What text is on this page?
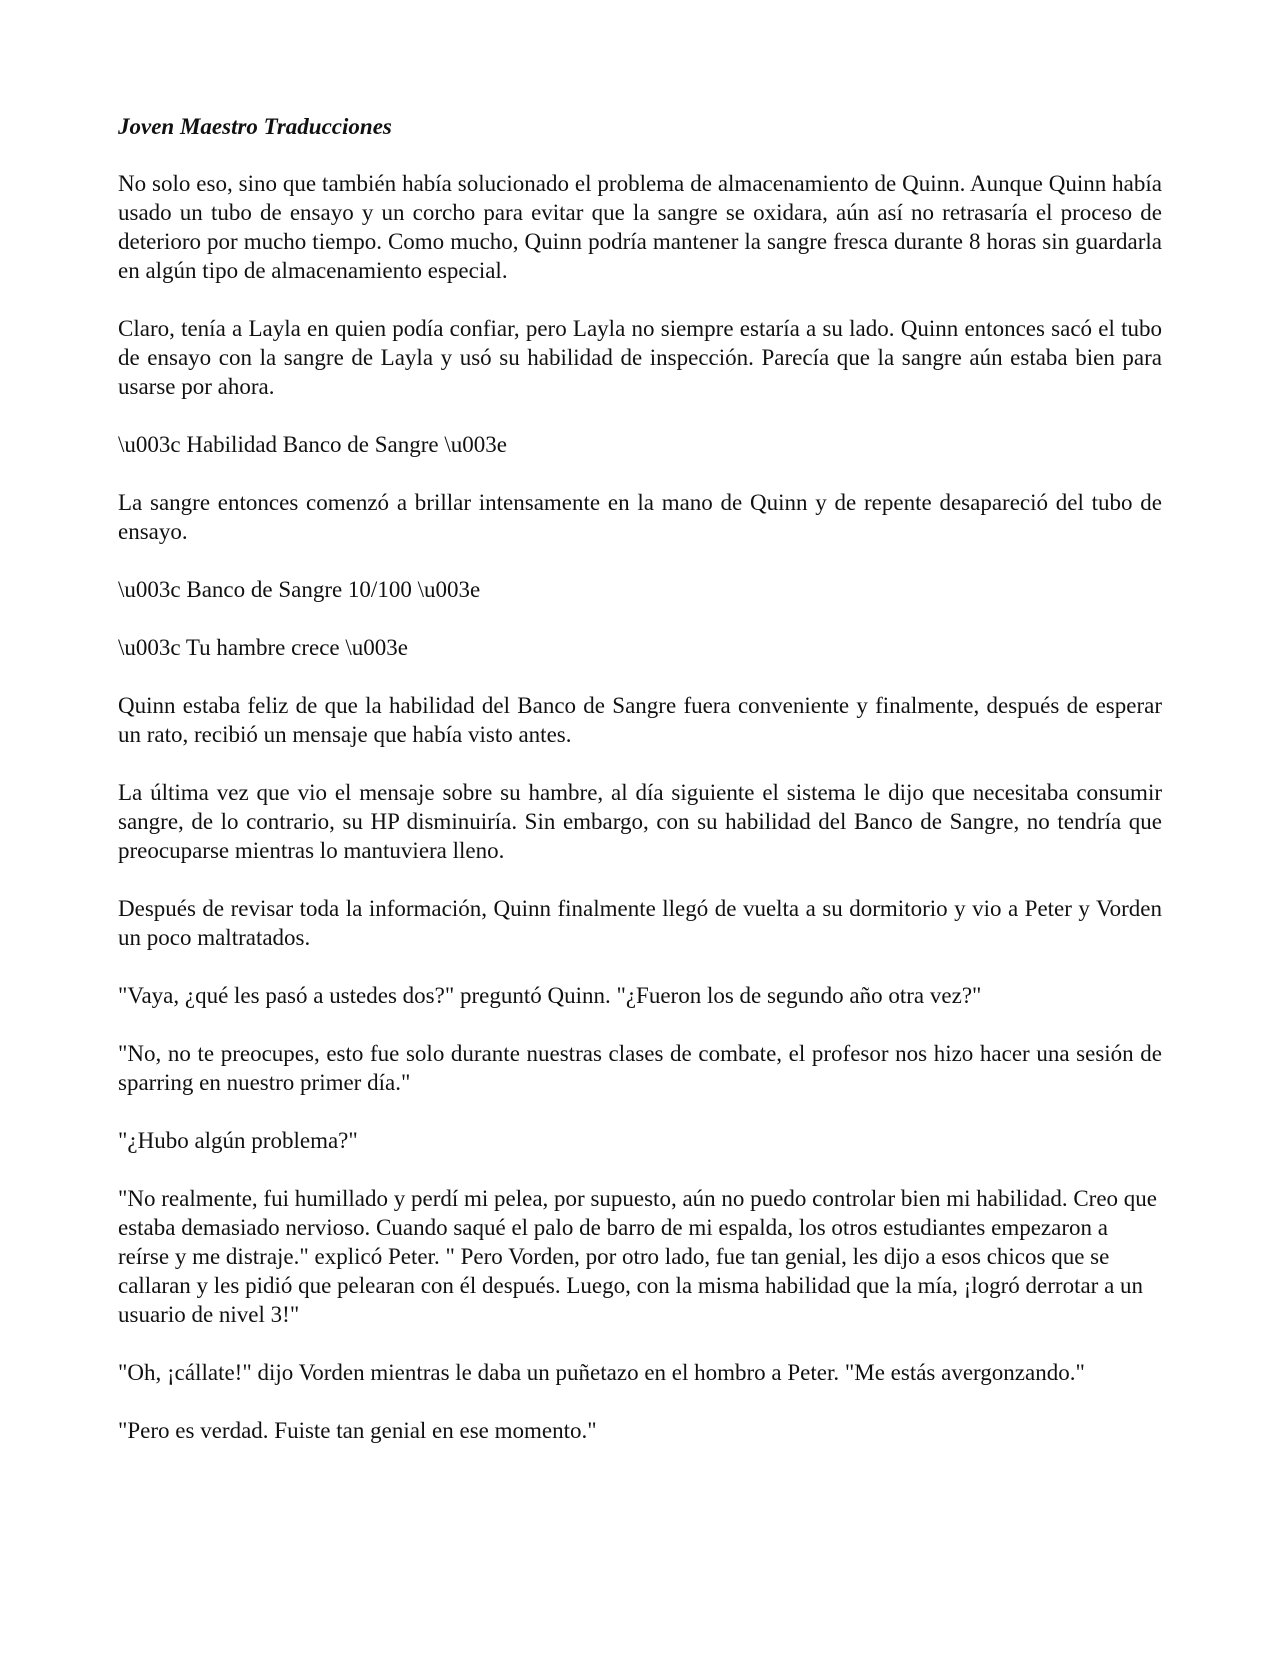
Joven Maestro Traducciones

No solo eso, sino que también había solucionado el problema de almacenamiento de Quinn. Aunque Quinn había usado un tubo de ensayo y un corcho para evitar que la sangre se oxidara, aún así no retrasaría el proceso de deterioro por mucho tiempo. Como mucho, Quinn podría mantener la sangre fresca durante 8 horas sin guardarla en algún tipo de almacenamiento especial.

Claro, tenía a Layla en quien podía confiar, pero Layla no siempre estaría a su lado. Quinn entonces sacó el tubo de ensayo con la sangre de Layla y usó su habilidad de inspección. Parecía que la sangre aún estaba bien para usarse por ahora.

\u003c Habilidad Banco de Sangre \u003e

La sangre entonces comenzó a brillar intensamente en la mano de Quinn y de repente desapareció del tubo de ensayo.

\u003c Banco de Sangre 10/100 \u003e

\u003c Tu hambre crece \u003e

Quinn estaba feliz de que la habilidad del Banco de Sangre fuera conveniente y finalmente, después de esperar un rato, recibió un mensaje que había visto antes.

La última vez que vio el mensaje sobre su hambre, al día siguiente el sistema le dijo que necesitaba consumir sangre, de lo contrario, su HP disminuiría. Sin embargo, con su habilidad del Banco de Sangre, no tendría que preocuparse mientras lo mantuviera lleno.

Después de revisar toda la información, Quinn finalmente llegó de vuelta a su dormitorio y vio a Peter y Vorden un poco maltratados.

"Vaya, ¿qué les pasó a ustedes dos?" preguntó Quinn. "¿Fueron los de segundo año otra vez?"

"No, no te preocupes, esto fue solo durante nuestras clases de combate, el profesor nos hizo hacer una sesión de sparring en nuestro primer día."

"¿Hubo algún problema?"

"No realmente, fui humillado y perdí mi pelea, por supuesto, aún no puedo controlar bien mi habilidad. Creo que estaba demasiado nervioso. Cuando saqué el palo de barro de mi espalda, los otros estudiantes empezaron a reírse y me distraje." explicó Peter. " Pero Vorden, por otro lado, fue tan genial, les dijo a esos chicos que se callaran y les pidió que pelearan con él después. Luego, con la misma habilidad que la mía, ¡logró derrotar a un usuario de nivel 3!"

"Oh, ¡cállate!" dijo Vorden mientras le daba un puñetazo en el hombro a Peter. "Me estás avergonzando."

"Pero es verdad. Fuiste tan genial en ese momento."
